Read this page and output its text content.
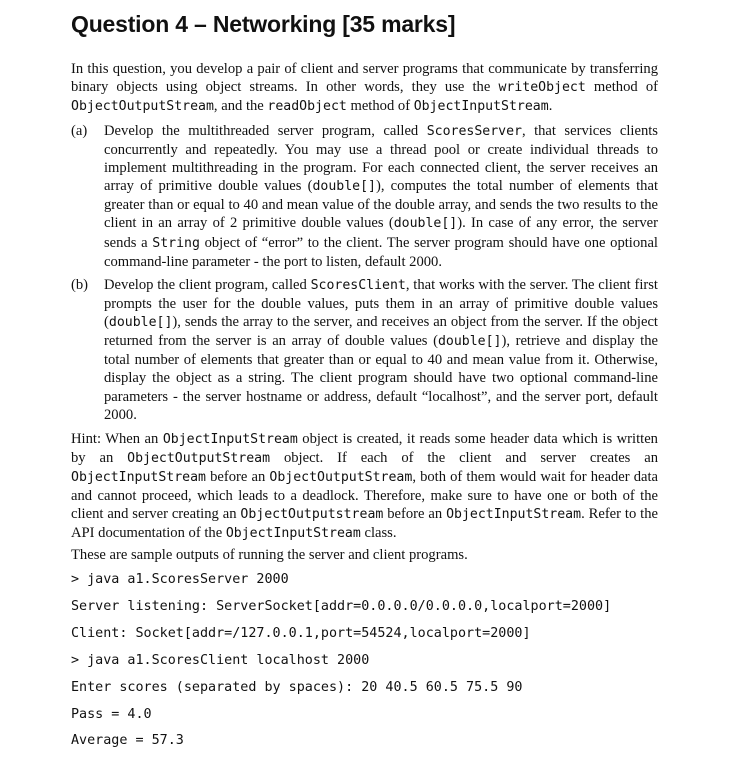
Question 4 – Networking [35 marks]

In this question, you develop a pair of client and server programs that communicate by transferring binary objects using object streams. In other words, they use the writeObject method of ObjectOutputStream, and the readObject method of ObjectInputStream.

(a) Develop the multithreaded server program, called ScoresServer, that services clients concurrently and repeatedly. You may use a thread pool or create individual threads to implement multithreading in the program. For each connected client, the server receives an array of primitive double values (double[]), computes the total number of elements that greater than or equal to 40 and mean value of the double array, and sends the two results to the client in an array of 2 primitive double values (double[]). In case of any error, the server sends a String object of “error” to the client. The server program should have one optional command-line parameter - the port to listen, default 2000.
(b) Develop the client program, called ScoresClient, that works with the server. The client first prompts the user for the double values, puts them in an array of primitive double values (double[]), sends the array to the server, and receives an object from the server. If the object returned from the server is an array of double values (double[]), retrieve and display the total number of elements that greater than or equal to 40 and mean value from it. Otherwise, display the object as a string. The client program should have two optional command-line parameters - the server hostname or address, default “localhost”, and the server port, default 2000.

Hint: When an ObjectInputStream object is created, it reads some header data which is written by an ObjectOutputStream object. If each of the client and server creates an ObjectInputStream before an ObjectOutputStream, both of them would wait for header data and cannot proceed, which leads to a deadlock. Therefore, make sure to have one or both of the client and server creating an ObjectOutputstream before an ObjectInputStream. Refer to the API documentation of the ObjectInputStream class.

These are sample outputs of running the server and client programs.

> java a1.ScoresServer 2000
Server listening: ServerSocket[addr=0.0.0.0/0.0.0.0,localport=2000]
Client: Socket[addr=/127.0.0.1,port=54524,localport=2000]
> java a1.ScoresClient localhost 2000
Enter scores (separated by spaces): 20 40.5 60.5 75.5 90
Pass = 4.0
Average = 57.3
